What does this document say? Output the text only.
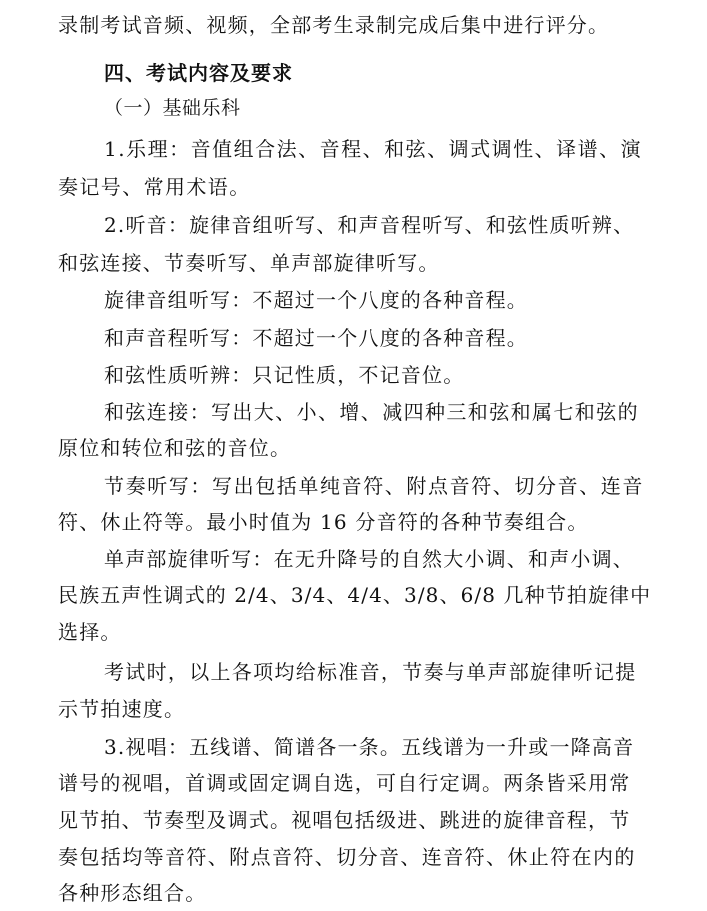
录制考试音频、视频，全部考生录制完成后集中进行评分。
四、考试内容及要求
（一）基础乐科
1.乐理：音值组合法、音程、和弦、调式调性、译谱、演
奏记号、常用术语。
2.听音：旋律音组听写、和声音程听写、和弦性质听辨、
和弦连接、节奏听写、单声部旋律听写。
旋律音组听写：不超过一个八度的各种音程。
和声音程听写：不超过一个八度的各种音程。
和弦性质听辨：只记性质，不记音位。
和弦连接：写出大、小、增、减四种三和弦和属七和弦的
原位和转位和弦的音位。
节奏听写：写出包括单纯音符、附点音符、切分音、连音
符、休止符等。最小时值为 16 分音符的各种节奏组合。
单声部旋律听写：在无升降号的自然大小调、和声小调、
民族五声性调式的 2/4、3/4、4/4、3/8、6/8 几种节拍旋律中
选择。
考试时，以上各项均给标准音，节奏与单声部旋律听记提
示节拍速度。
3.视唱：五线谱、简谱各一条。五线谱为一升或一降高音
谱号的视唱，首调或固定调自选，可自行定调。两条皆采用常
见节拍、节奏型及调式。视唱包括级进、跳进的旋律音程，节
奏包括均等音符、附点音符、切分音、连音符、休止符在内的
各种形态组合。
